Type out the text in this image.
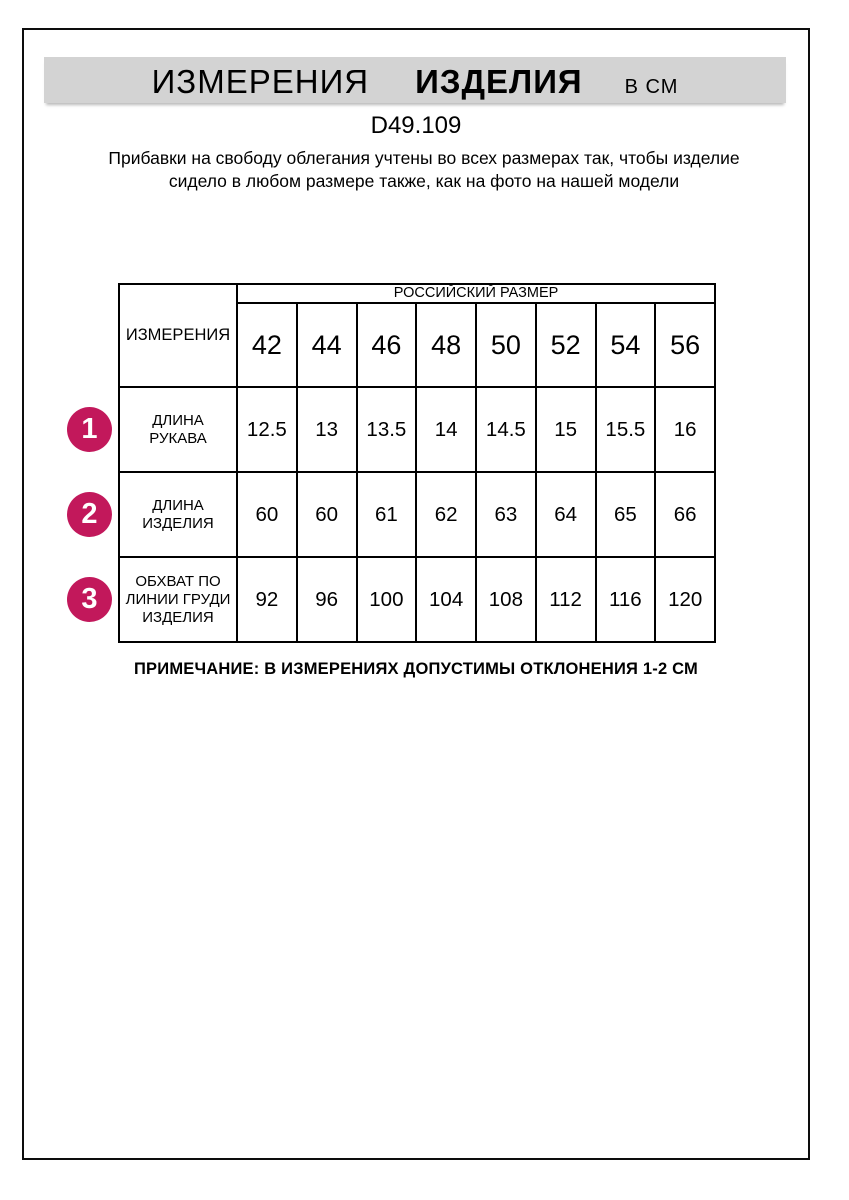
ИЗМЕРЕНИЯ ИЗДЕЛИЯ В СМ
D49.109
Прибавки на свободу облегания учтены во всех размерах так, чтобы изделие сидело в любом размере также, как на фото на нашей модели
ИЗМЕРЕНИЯ	РОССИЙСКИЙ РАЗМЕР							
	42	44	46	48	50	52	54	56
ДЛИНА РУКАВА	12.5	13	13.5	14	14.5	15	15.5	16
ДЛИНА ИЗДЕЛИЯ	60	60	61	62	63	64	65	66
ОБХВАТ ПО ЛИНИИ ГРУДИ ИЗДЕЛИЯ	92	96	100	104	108	112	116	120
1
2
3
ПРИМЕЧАНИЕ: В ИЗМЕРЕНИЯХ ДОПУСТИМЫ ОТКЛОНЕНИЯ 1-2 СМ
